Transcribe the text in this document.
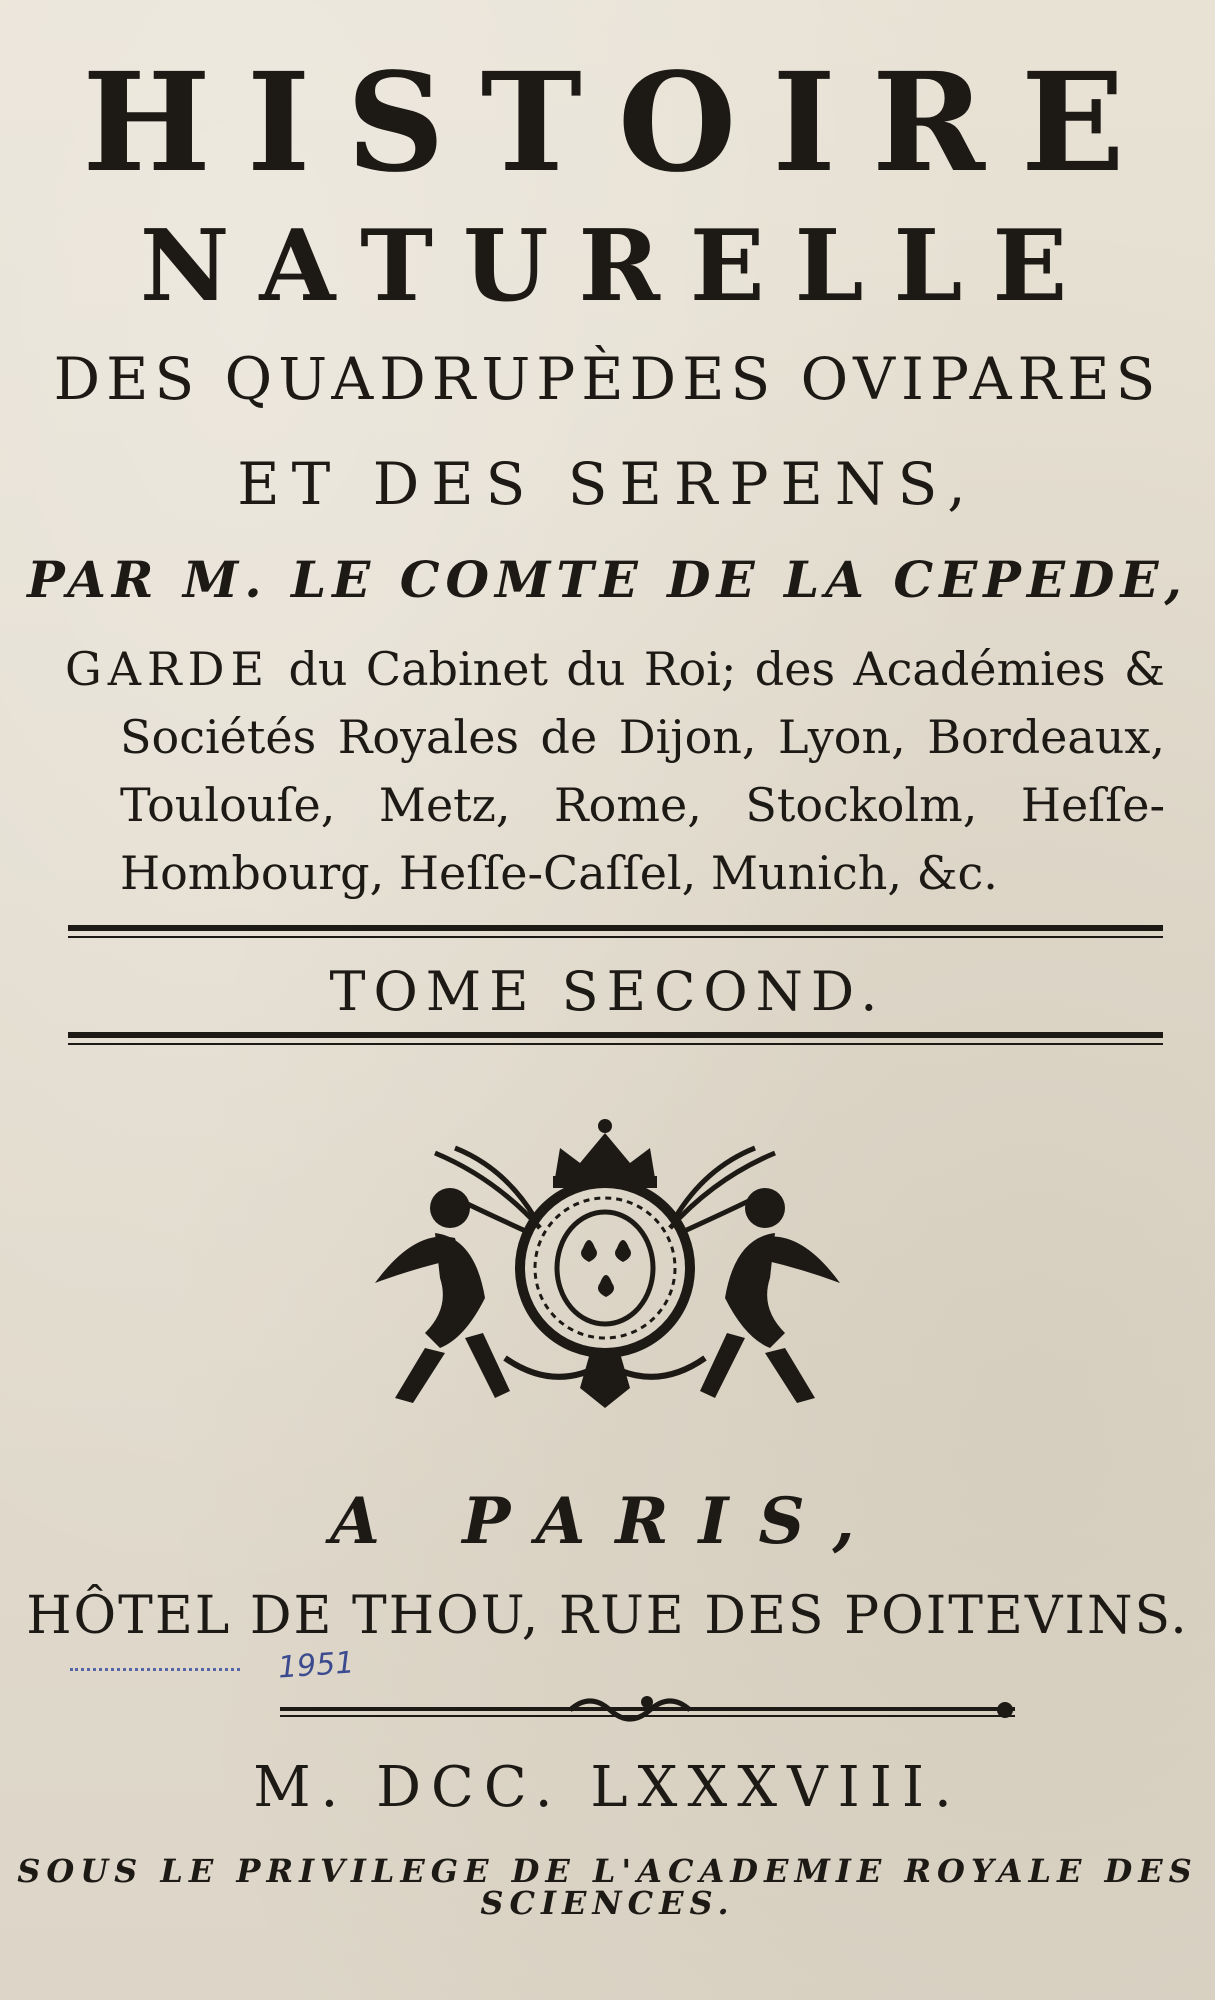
HISTOIRE
NATURELLE
DES QUADRUPÈDES OVIPARES
ET DES SERPENS,
PAR M. LE COMTE DE LA CEPEDE,
GARDE du Cabinet du Roi; des Académies &
Sociétés Royales de Dijon, Lyon, Bordeaux,
Toulouſe, Metz, Rome, Stockolm, Heſſe-
Hombourg, Heſſe-Caſſel, Munich, &c.
TOME SECOND.
A PARIS,
HÔTEL DE THOU, RUE DES POITEVINS.
1951
M. DCC. LXXXVIII.
SOUS LE PRIVILEGE DE L'ACADEMIE ROYALE DES SCIENCES.
